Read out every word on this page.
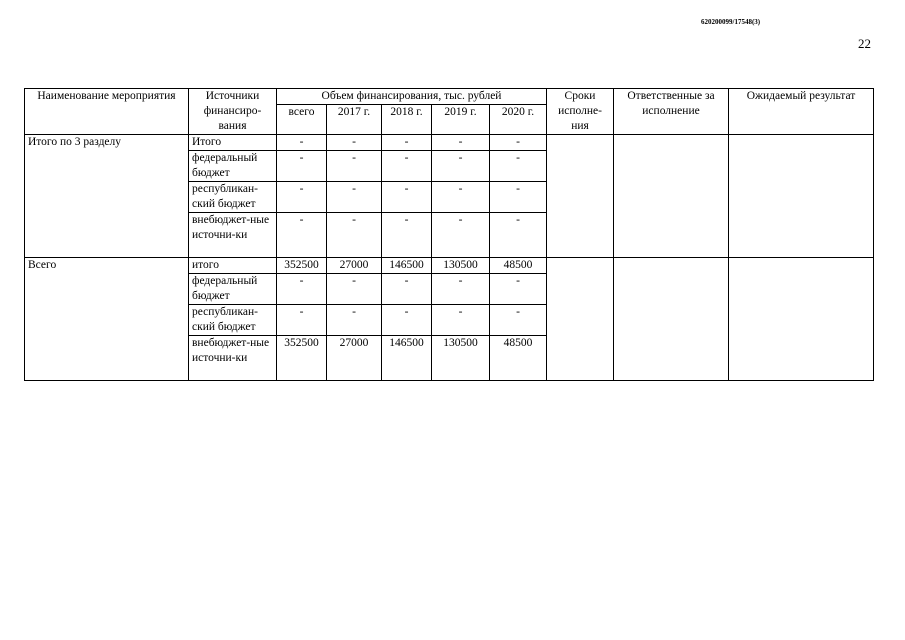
620200099/17548(3)
22
Наименование мероприятия	Источники финансиро-вания	Объем финансирования, тыс. рублей					Сроки исполне-ния	Ответственные за исполнение	Ожидаемый результат
		всего	2017 г.	2018 г.	2019 г.	2020 г.			
Итого по 3 разделу	Итого	-	-	-	-	-			
	федеральный бюджет	-	-	-	-	-			
	республикан-ский бюджет	-	-	-	-	-			
	внебюджет-ные источни-ки	-	-	-	-	-			
Всего	итого	352500	27000	146500	130500	48500			
	федеральный бюджет	-	-	-	-	-			
	республикан-ский бюджет	-	-	-	-	-			
	внебюджет-ные источни-ки	352500	27000	146500	130500	48500			
